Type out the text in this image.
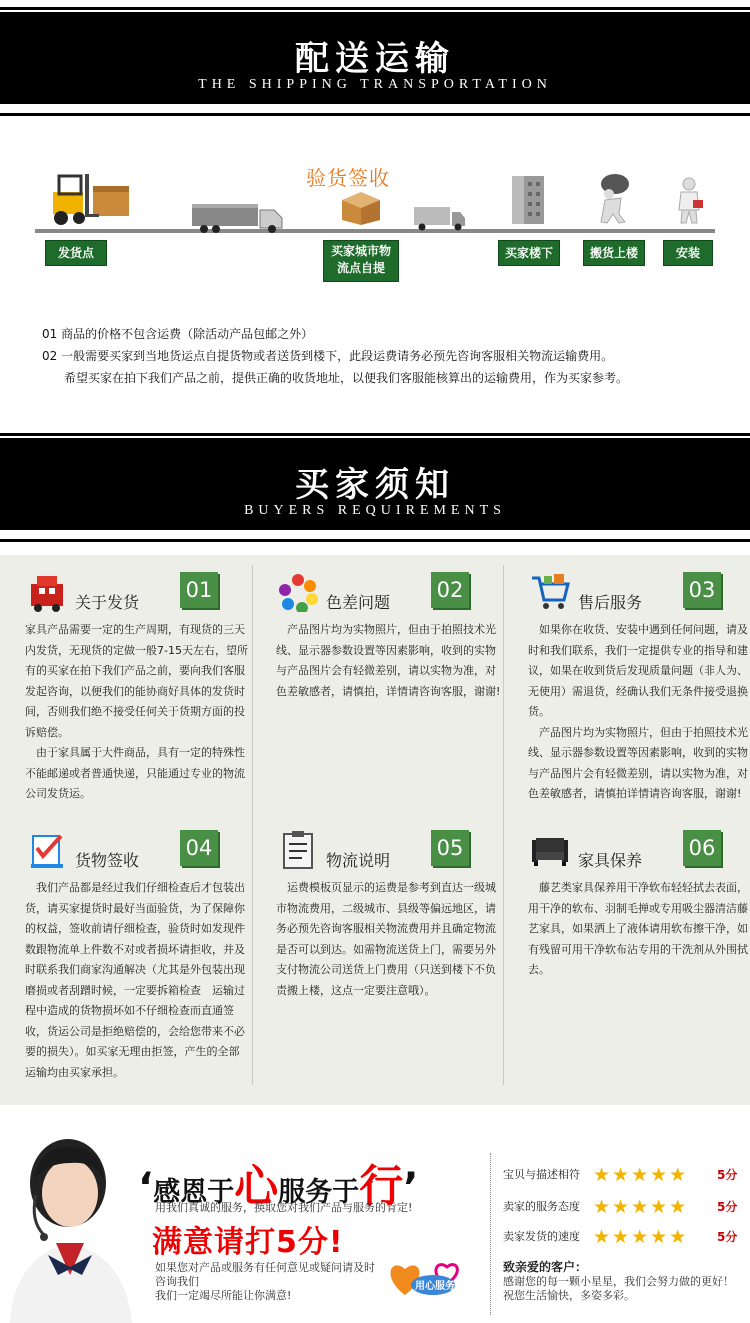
配送运输
THE SHIPPING TRANSPORTATION
验货签收
发货点	买家城市物流点自提
买家楼下	搬货上楼	安装
01 商品的价格不包含运费（除活动产品包邮之外）
02 一般需要买家到当地货运点自提货物或者送货到楼下，此段运费请务必预先咨询客服相关物流运输费用。
希望买家在拍下我们产品之前，提供正确的收货地址，以便我们客服能核算出的运输费用，作为买家参考。
买家须知
BUYERS REQUIREMENTS
关于发货
01
家具产品需要一定的生产周期，有现货的三天内发货，无现货的定做一般7-15天左右，望所有的买家在拍下我们产品之前，要向我们客服发起咨询，以便我们的能协商好具体的发货时间，否则我们绝不接受任何关于货期方面的投诉赔偿。
　由于家具属于大件商品，具有一定的特殊性不能邮递或者普通快递，只能通过专业的物流公司发货运。
色差问题
02
　产品图片均为实物照片，但由于拍照技术光线、显示器参数设置等因素影响，收到的实物与产品图片会有轻微差别，请以实物为准，对色差敏感者，请慎拍，详情请咨询客服，谢谢!
售后服务
03
　如果你在收货、安装中遇到任何问题，请及时和我们联系，我们一定提供专业的指导和建议，如果在收到货后发现质量问题（非人为、无使用）需退货，经确认我们无条件接受退换货。
　产品图片均为实物照片，但由于拍照技术光线、显示器参数设置等因素影响，收到的实物与产品图片会有轻微差别，请以实物为准，对色差敏感者，请慎拍详情请咨询客服，谢谢!
货物签收
04
　我们产品都是经过我们仔细检查后才包装出货，请买家提货时最好当面验货，为了保障你的权益，签收前请仔细检查，验货时如发现件数跟物流单上件数不对或者损坏请拒收，并及时联系我们商家沟通解决（尤其是外包装出现磨损或者刮蹭时候，一定要拆箱检查　运输过程中造成的货物损坏如不仔细检查而直通签收，货运公司是拒绝赔偿的，会给您带来不必要的损失）。如买家无理由拒签，产生的全部运输均由买家承担。
物流说明
05
　运费模板页显示的运费是参考到直达一级城市物流费用，二级城市、县级等偏远地区，请务必预先咨询客服相关物流费用并且确定物流是否可以到达。如需物流送货上门，需要另外支付物流公司送货上门费用（只送到楼下不负责搬上楼，这点一定要注意哦）。
家具保养
06
　藤艺类家具保养用干净软布轻轻拭去表面，用干净的软布、羽制毛掸或专用吸尘器清洁藤艺家具，如果洒上了液体请用软布擦干净，如有残留可用干净软布沾专用的干洗剂从外围拭去。
‘感恩于心服务于行’
用我们真诚的服务，换取您对我们产品与服务的肯定!
满意请打5分!
如果您对产品或服务有任何意见或疑问请及时咨询我们
我们一定竭尽所能让你满意!
用心服务
宝贝与描述相符 ★★★★★ 5分
卖家的服务态度 ★★★★★ 5分
卖家发货的速度 ★★★★★ 5分
致亲爱的客户：
感谢您的每一颗小星星，我们会努力做的更好！祝您生活愉快，多姿多彩。
